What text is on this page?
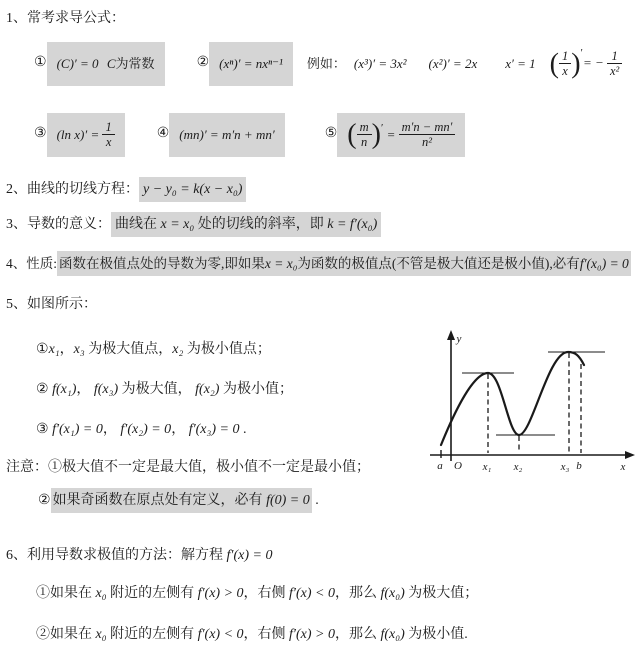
1、常考求导公式：
① (C)′ = 0 C 为常数	② (xⁿ)′ = nxⁿ⁻¹ 例如： (x³)′ = 3x² (x²)′ = 2x x′ = 1 ( $\frac{1}{x} )'= - \frac{1}{\text{x²}}$
③ (ln x)′ =
$\frac{1}{x}$	④ (mn)′ = m′n + mn′	⑤ ( $\frac{m}{n}$ ) ′
=
$\frac{m'n - mn'}{\text{n²}}$
2、曲线的切线方程： y − y₀ = k(x − x₀)
3、导数的意义： 曲线在 x = x₀ 处的切线的斜率，即 k = f′(x₀)
4、性质: 函数在极值点处的导数为零,即如果x = x₀为函数的极值点(不管是极大值还是极小值),必有f′(x₀) = 0
5、如图所示：
①x₁，x₃ 为极大值点，x₂ 为极小值点；
② f(x₁)， f(x₃) 为极大值， f(x₂) 为极小值；
③ f′(x₁) = 0， f′(x₂) = 0， f′(x₃) = 0 .
注意：①极大值不一定是最大值，极小值不一定是最小值；
② 如果奇函数在原点处有定义，必有 f(0) = 0 .
6、利用导数求极值的方法：解方程 f′(x) = 0
①如果在 x₀ 附近的左侧有 f′(x) > 0，右侧 f′(x) < 0，那么 f(x₀) 为极大值；
②如果在 x₀ 附近的左侧有 f′(x) < 0，右侧 f′(x) > 0，那么 f(x₀) 为极小值.
y
x
a O x₁ x₂	x₃ b
